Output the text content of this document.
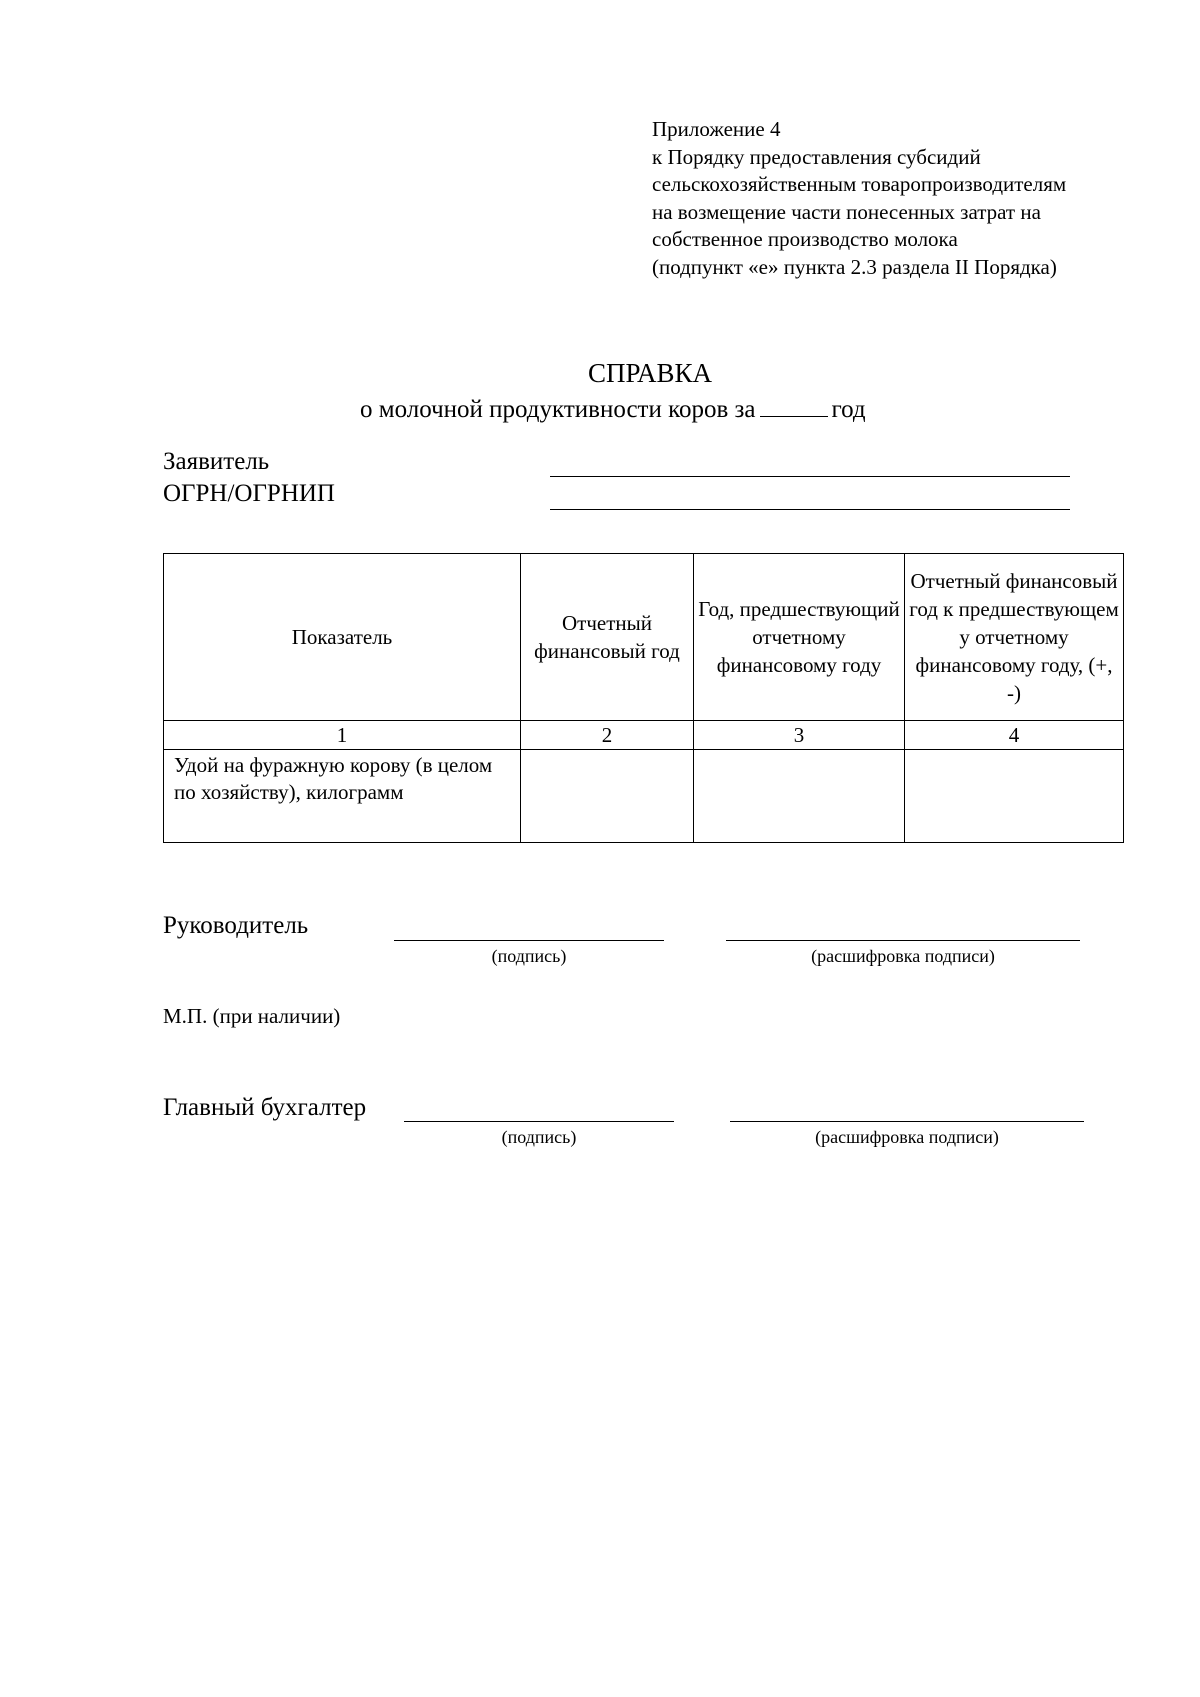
Приложение 4
к Порядку предоставления субсидий
сельскохозяйственным товаропроизводителям
на возмещение части понесенных затрат на
собственное производство молока
(подпункт «е» пункта 2.3 раздела II Порядка)
СПРАВКА
о молочной продуктивности коров за	год
Заявитель
ОГРН/ОГРНИП
Показатель	Отчетный финансовый год	Год, предшествующий отчетному финансовому году	Отчетный финансовый год к предшествующем у отчетному финансовому году, (+, -)
1	2	3	4
Удой на фуражную корову (в целом по хозяйству), килограмм			
Руководитель
(подпись)	(расшифровка подписи)
М.П. (при наличии)
Главный бухгалтер
(подпись)	(расшифровка подписи)
